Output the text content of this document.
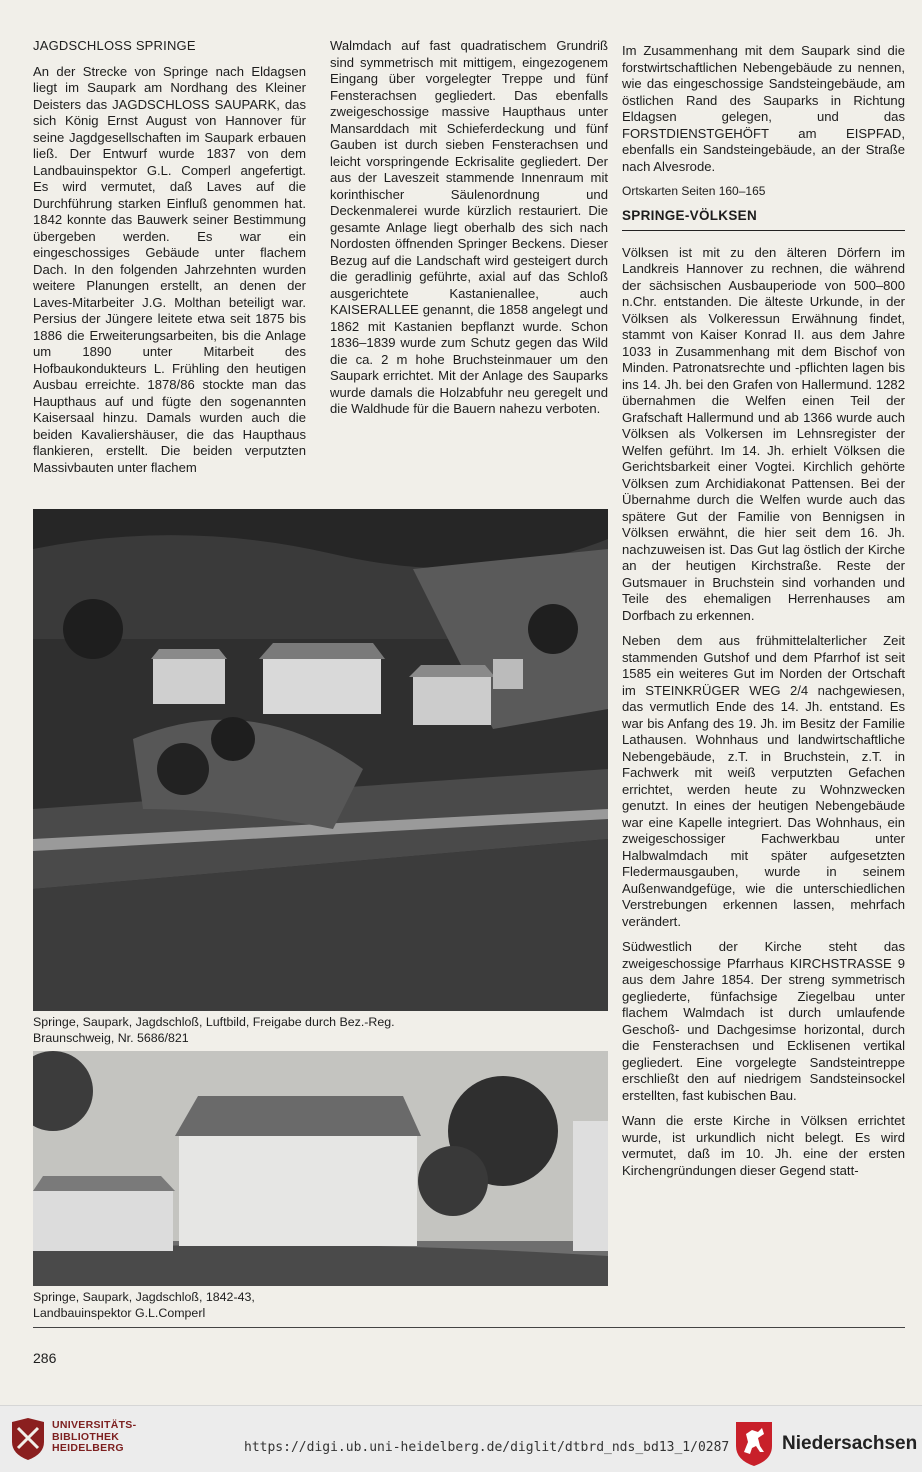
JAGDSCHLOSS SPRINGE

An der Strecke von Springe nach Eldagsen liegt im Saupark am Nordhang des Kleiner Deisters das JAGDSCHLOSS SAUPARK, das sich König Ernst August von Hannover für seine Jagdgesellschaften im Saupark erbauen ließ. Der Entwurf wurde 1837 von dem Landbauinspektor G.L. Comperl angefertigt. Es wird vermutet, daß Laves auf die Durchführung starken Einfluß genommen hat. 1842 konnte das Bauwerk seiner Bestimmung übergeben werden. Es war ein eingeschossiges Gebäude unter flachem Dach. In den folgenden Jahrzehnten wurden weitere Planungen erstellt, an denen der Laves-Mitarbeiter J.G. Molthan beteiligt war. Persius der Jüngere leitete etwa seit 1875 bis 1886 die Erweiterungsarbeiten, bis die Anlage um 1890 unter Mitarbeit des Hofbaukondukteurs L. Frühling den heutigen Ausbau erreichte. 1878/86 stockte man das Haupthaus auf und fügte den sogenannten Kaisersaal hinzu. Damals wurden auch die beiden Kavaliershäuser, die das Haupthaus flankieren, erstellt. Die beiden verputzten Massivbauten unter flachem

Walmdach auf fast quadratischem Grundriß sind symmetrisch mit mittigem, eingezogenem Eingang über vorgelegter Treppe und fünf Fensterachsen gegliedert. Das ebenfalls zweigeschossige massive Haupthaus unter Mansarddach mit Schieferdeckung und fünf Gauben ist durch sieben Fensterachsen und leicht vorspringende Eckrisalite gegliedert. Der aus der Laveszeit stammende Innenraum mit korinthischer Säulenordnung und Deckenmalerei wurde kürzlich restauriert. Die gesamte Anlage liegt oberhalb des sich nach Nordosten öffnenden Springer Beckens. Dieser Bezug auf die Landschaft wird gesteigert durch die geradlinig geführte, axial auf das Schloß ausgerichtete Kastanienallee, auch KAISERALLEE genannt, die 1858 angelegt und 1862 mit Kastanien bepflanzt wurde. Schon 1836–1839 wurde zum Schutz gegen das Wild die ca. 2 m hohe Bruchsteinmauer um den Saupark errichtet. Mit der Anlage des Sauparks wurde damals die Holzabfuhr neu geregelt und die Waldhude für die Bauern nahezu verboten.

Im Zusammenhang mit dem Saupark sind die forstwirtschaftlichen Nebengebäude zu nennen, wie das eingeschossige Sandsteingebäude, am östlichen Rand des Sauparks in Richtung Eldagsen gelegen, und das FORSTDIENSTGEHÖFT am EISPFAD, ebenfalls ein Sandsteingebäude, an der Straße nach Alvesrode.

Ortskarten Seiten 160–165

SPRINGE-VÖLKSEN

Völksen ist mit zu den älteren Dörfern im Landkreis Hannover zu rechnen, die während der sächsischen Ausbauperiode von 500–800 n.Chr. entstanden. Die älteste Urkunde, in der Völksen als Volkeressun Erwähnung findet, stammt von Kaiser Konrad II. aus dem Jahre 1033 in Zusammenhang mit dem Bischof von Minden. Patronatsrechte und -pflichten lagen bis ins 14. Jh. bei den Grafen von Hallermund. 1282 übernahmen die Welfen einen Teil der Grafschaft Hallermund und ab 1366 wurde auch Völksen als Volkersen im Lehnsregister der Welfen geführt. Im 14. Jh. erhielt Völksen die Gerichtsbarkeit einer Vogtei. Kirchlich gehörte Völksen zum Archidiakonat Pattensen. Bei der Übernahme durch die Welfen wurde auch das spätere Gut der Familie von Bennigsen in Völksen erwähnt, die hier seit dem 16. Jh. nachzuweisen ist. Das Gut lag östlich der Kirche an der heutigen Kirchstraße. Reste der Gutsmauer in Bruchstein sind vorhanden und Teile des ehemaligen Herrenhauses am Dorfbach zu erkennen.

Neben dem aus frühmittelalterlicher Zeit stammenden Gutshof und dem Pfarrhof ist seit 1585 ein weiteres Gut im Norden der Ortschaft im STEINKRÜGER WEG 2/4 nachgewiesen, das vermutlich Ende des 14. Jh. entstand. Es war bis Anfang des 19. Jh. im Besitz der Familie Lathausen. Wohnhaus und landwirtschaftliche Nebengebäude, z.T. in Bruchstein, z.T. in Fachwerk mit weiß verputzten Gefachen errichtet, werden heute zu Wohnzwecken genutzt. In eines der heutigen Nebengebäude war eine Kapelle integriert. Das Wohnhaus, ein zweigeschossiger Fachwerkbau unter Halbwalmdach mit später aufgesetzten Fledermausgauben, wurde in seinem Außenwandgefüge, wie die unterschiedlichen Verstrebungen erkennen lassen, mehrfach verändert.

Südwestlich der Kirche steht das zweigeschossige Pfarrhaus KIRCHSTRASSE 9 aus dem Jahre 1854. Der streng symmetrisch gegliederte, fünfachsige Ziegelbau unter flachem Walmdach ist durch umlaufende Geschoß- und Dachgesimse horizontal, durch die Fensterachsen und Ecklisenen vertikal gegliedert. Eine vorgelegte Sandsteintreppe erschließt den auf niedrigem Sandsteinsockel erstellten, fast kubischen Bau.

Wann die erste Kirche in Völksen errichtet wurde, ist urkundlich nicht belegt. Es wird vermutet, daß im 10. Jh. eine der ersten Kirchengründungen dieser Gegend statt-

Springe, Saupark, Jagdschloß, Luftbild, Freigabe durch Bez.-Reg. Braunschweig, Nr. 5686/821
Springe, Saupark, Jagdschloß, 1842-43, Landbauinspektor G.L.Comperl
286
UNIVERSITÄTS-
BIBLIOTHEK
HEIDELBERG	https://digi.ub.uni-heidelberg.de/diglit/dtbrd_nds_bd13_1/0287	Niedersachsen
